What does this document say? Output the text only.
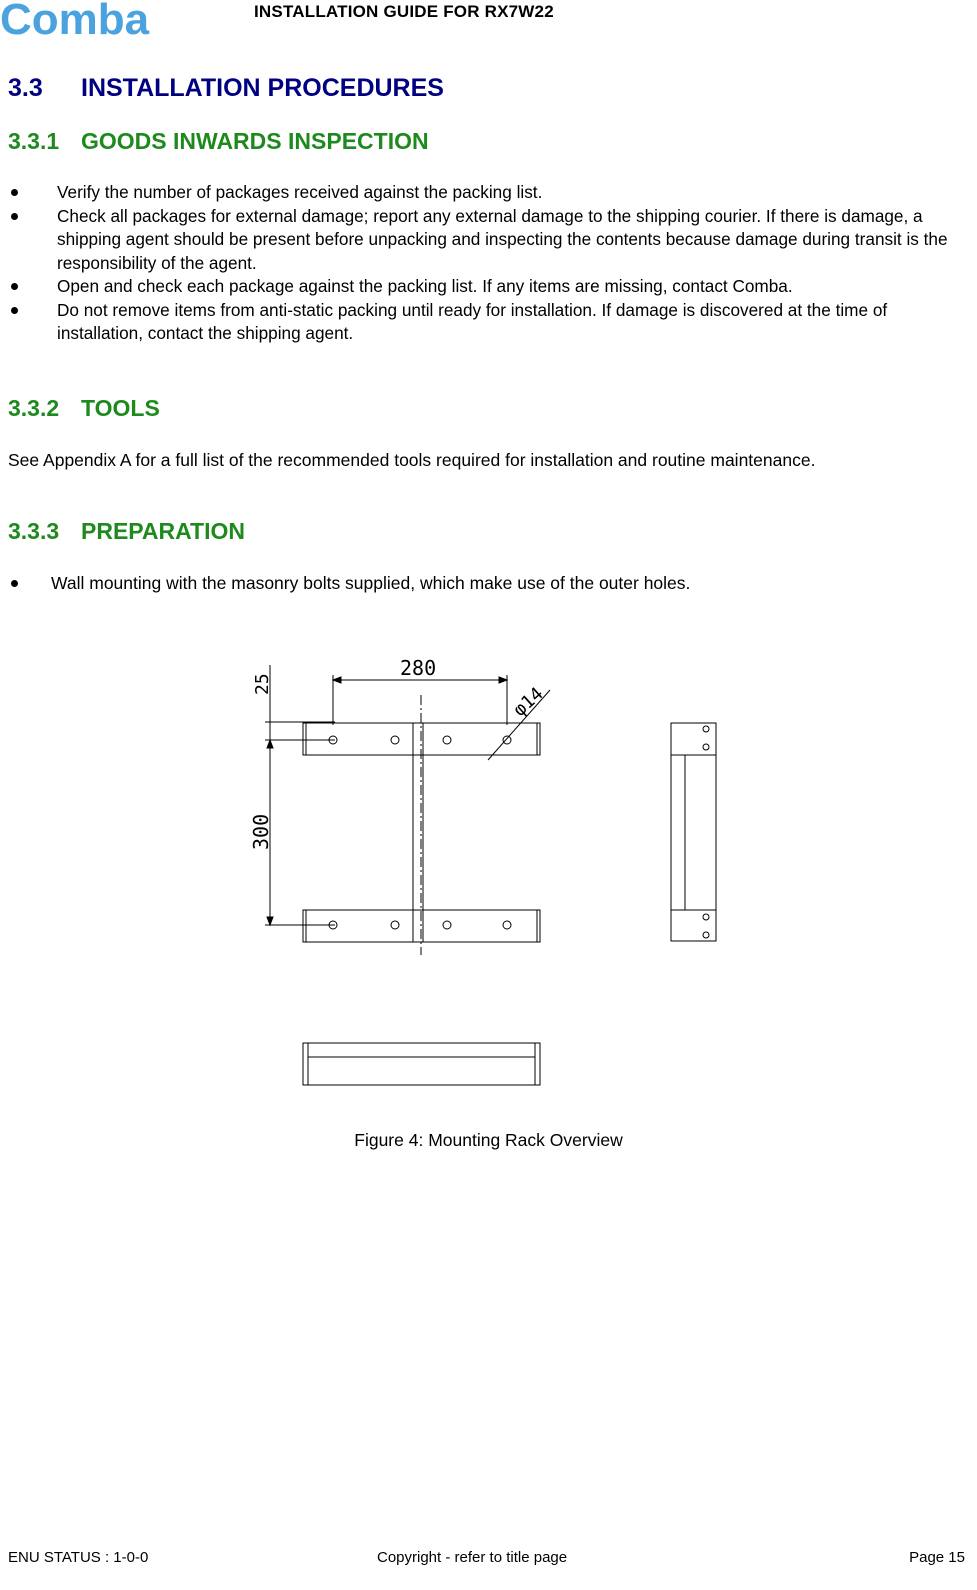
Comba	INSTALLATION GUIDE FOR RX7W22
3.3 INSTALLATION PROCEDURES
3.3.1 GOODS INWARDS INSPECTION
Verify the number of packages received against the packing list.
Check all packages for external damage; report any external damage to the shipping courier. If there is damage, a shipping agent should be present before unpacking and inspecting the contents because damage during transit is the responsibility of the agent.
Open and check each package against the packing list. If any items are missing, contact Comba.
Do not remove items from anti-static packing until ready for installation. If damage is discovered at the time of installation, contact the shipping agent.
3.3.2 TOOLS
See Appendix A for a full list of the recommended tools required for installation and routine maintenance.
3.3.3 PREPARATION
Wall mounting with the masonry bolts supplied, which make use of the outer holes.
280
φ14
25
300
Figure 4: Mounting Rack Overview
ENU STATUS : 1-0-0	Copyright - refer to title page	Page 15
